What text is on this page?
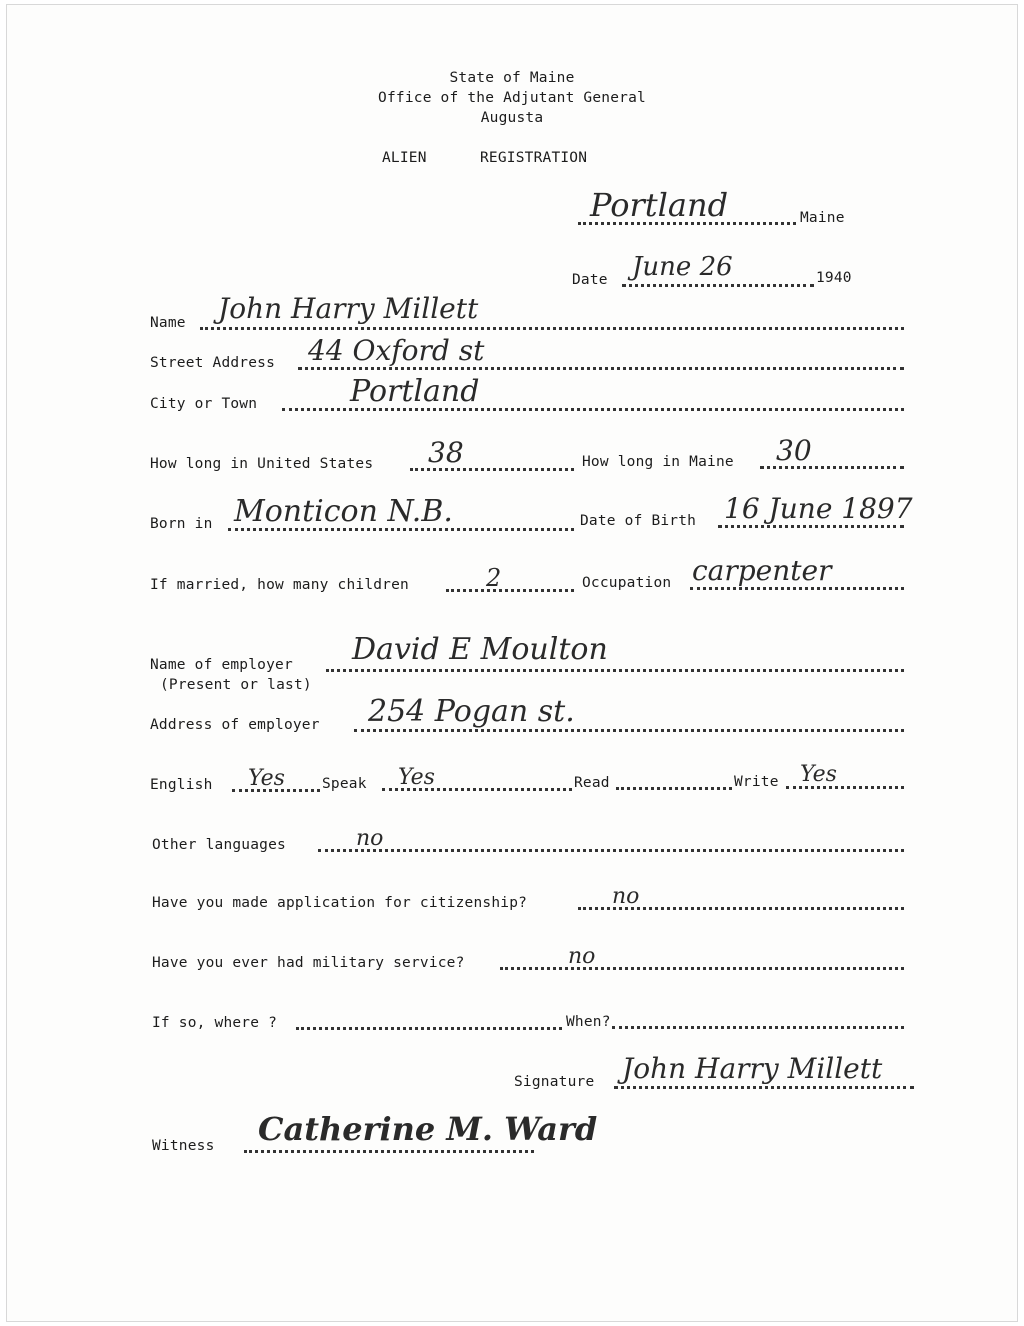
State of Maine
Office of the Adjutant General
Augusta
ALIEN	REGISTRATION
Portland	Maine
Date June 26	1940
Name John Harry Millett
Street Address 44 Oxford st
City or Town	Portland
How long in United States 38	How long in Maine 30
Born in Monticon N.B.	Date of Birth 16 June 1897
If married, how many children	2	Occupation carpenter
Name of employer
(Present or last)
David E Moulton
Address of employer 254 Pogan st.
English Yes	Speak Yes	Read	Write Yes
Other languages	no
Have you made application for citizenship?	no
Have you ever had military service?	no
If so, where ?	When?
Signature John Harry Millett
Witness Catherine M. Ward
